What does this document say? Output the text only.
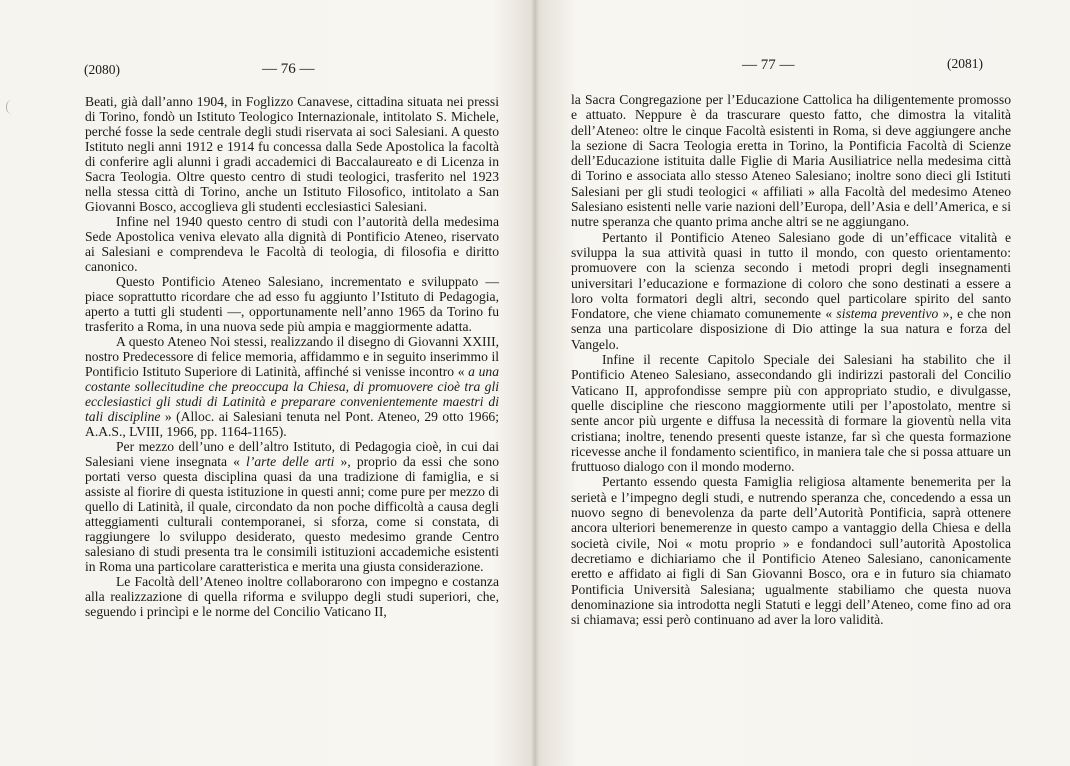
(2080)	— 76 —

Beati, già dall’anno 1904, in Foglizzo Canavese, cittadina situata nei pressi di Torino, fondò un Istituto Teologico Internazionale, intitolato S. Michele, perché fosse la sede centrale degli studi riservata ai soci Salesiani. A questo Istituto negli anni 1912 e 1914 fu concessa dalla Sede Apostolica la facoltà di conferire agli alunni i gradi accademici di Baccalaureato e di Licenza in Sacra Teologia. Oltre questo centro di studi teologici, trasferito nel 1923 nella stessa città di Torino, anche un Istituto Filosofico, intitolato a San Giovanni Bosco, accoglieva gli studenti ecclesiastici Salesiani.

Infine nel 1940 questo centro di studi con l’autorità della medesima Sede Apostolica veniva elevato alla dignità di Pontificio Ateneo, riservato ai Salesiani e comprendeva le Facoltà di teologia, di filosofia e diritto canonico.

Questo Pontificio Ateneo Salesiano, incrementato e sviluppato — piace soprattutto ricordare che ad esso fu aggiunto l’Istituto di Pedagogia, aperto a tutti gli studenti —, opportunamente nell’anno 1965 da Torino fu trasferito a Roma, in una nuova sede più ampia e maggiormente adatta.

A questo Ateneo Noi stessi, realizzando il disegno di Giovanni XXIII, nostro Predecessore di felice memoria, affidammo e in seguito inserimmo il Pontificio Istituto Superiore di Latinità, affinché si venisse incontro « a una costante sollecitudine che preoccupa la Chiesa, di promuovere cioè tra gli ecclesiastici gli studi di Latinità e preparare convenientemente maestri di tali discipline » (Alloc. ai Salesiani tenuta nel Pont. Ateneo, 29 otto 1966; A.A.S., LVIII, 1966, pp. 1164-1165).

Per mezzo dell’uno e dell’altro Istituto, di Pedagogia cioè, in cui dai Salesiani viene insegnata « l’arte delle arti », proprio da essi che sono portati verso questa disciplina quasi da una tradizione di famiglia, e si assiste al fiorire di questa istituzione in questi anni; come pure per mezzo di quello di Latinità, il quale, circondato da non poche difficoltà a causa degli atteggiamenti culturali contemporanei, si sforza, come si constata, di raggiungere lo sviluppo desiderato, questo medesimo grande Centro salesiano di studi presenta tra le consimili istituzioni accademiche esistenti in Roma una particolare caratteristica e merita una giusta considerazione.

Le Facoltà dell’Ateneo inoltre collaborarono con impegno e costanza alla realizzazione di quella riforma e sviluppo degli studi superiori, che, seguendo i princìpi e le norme del Concilio Vaticano II,

— 77 —	(2081)

la Sacra Congregazione per l’Educazione Cattolica ha diligentemente promosso e attuato. Neppure è da trascurare questo fatto, che dimostra la vitalità dell’Ateneo: oltre le cinque Facoltà esistenti in Roma, si deve aggiungere anche la sezione di Sacra Teologia eretta in Torino, la Pontificia Facoltà di Scienze dell’Educazione istituita dalle Figlie di Maria Ausiliatrice nella medesima città di Torino e associata allo stesso Ateneo Salesiano; inoltre sono dieci gli Istituti Salesiani per gli studi teologici « affiliati » alla Facoltà del medesimo Ateneo Salesiano esistenti nelle varie nazioni dell’Europa, dell’Asia e dell’America, e si nutre speranza che quanto prima anche altri se ne aggiungano.

Pertanto il Pontificio Ateneo Salesiano gode di un’efficace vitalità e sviluppa la sua attività quasi in tutto il mondo, con questo orientamento: promuovere con la scienza secondo i metodi propri degli insegnamenti universitari l’educazione e formazione di coloro che sono destinati a essere a loro volta formatori degli altri, secondo quel particolare spirito del santo Fondatore, che viene chiamato comunemente « sistema preventivo », e che non senza una particolare disposizione di Dio attinge la sua natura e forza del Vangelo.

Infine il recente Capitolo Speciale dei Salesiani ha stabilito che il Pontificio Ateneo Salesiano, assecondando gli indirizzi pastorali del Concilio Vaticano II, approfondisse sempre più con appropriato studio, e divulgasse, quelle discipline che riescono maggiormente utili per l’apostolato, mentre si sente ancor più urgente e diffusa la necessità di formare la gioventù nella vita cristiana; inoltre, tenendo presenti queste istanze, far sì che questa formazione ricevesse anche il fondamento scientifico, in maniera tale che si possa attuare un fruttuoso dialogo con il mondo moderno.

Pertanto essendo questa Famiglia religiosa altamente benemerita per la serietà e l’impegno degli studi, e nutrendo speranza che, concedendo a essa un nuovo segno di benevolenza da parte dell’Autorità Pontificia, saprà ottenere ancora ulteriori benemerenze in questo campo a vantaggio della Chiesa e della società civile, Noi « motu proprio » e fondandoci sull’autorità Apostolica decretiamo e dichiariamo che il Pontificio Ateneo Salesiano, canonicamente eretto e affidato ai figli di San Giovanni Bosco, ora e in futuro sia chiamato Pontificia Università Salesiana; ugualmente stabiliamo che questa nuova denominazione sia introdotta negli Statuti e leggi dell’Ateneo, come fino ad ora si chiamava; essi però continuano ad aver la loro validità.
